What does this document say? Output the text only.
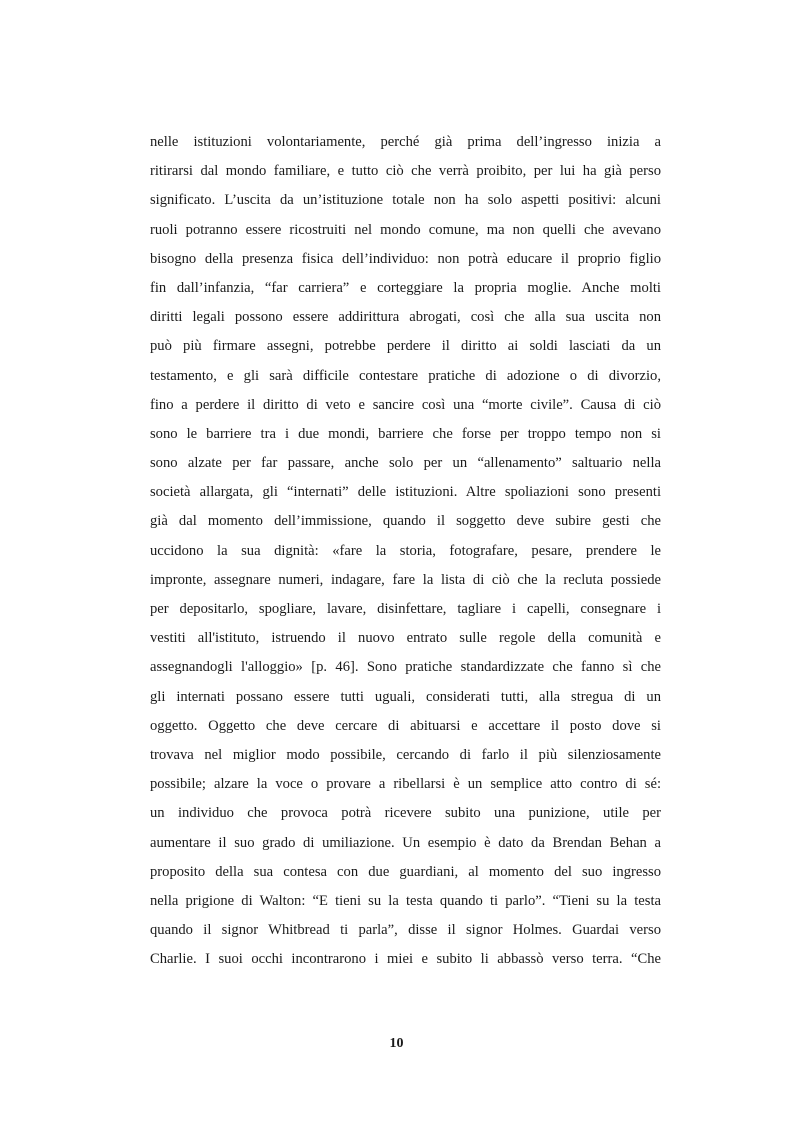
nelle istituzioni volontariamente, perché già prima dell’ingresso inizia a
ritirarsi dal mondo familiare, e tutto ciò che verrà proibito, per lui ha già perso
significato. L’uscita da un’istituzione totale non ha solo aspetti positivi: alcuni
ruoli potranno essere ricostruiti nel mondo comune, ma non quelli che avevano
bisogno della presenza fisica dell’individuo: non potrà educare il proprio figlio
fin dall’infanzia, “far carriera” e corteggiare la propria moglie. Anche molti
diritti legali possono essere addirittura abrogati, così che alla sua uscita non
può più firmare assegni, potrebbe perdere il diritto ai soldi lasciati da un
testamento, e gli sarà difficile contestare pratiche di adozione o di divorzio,
fino a perdere il diritto di veto e sancire così una “morte civile”. Causa di ciò
sono le barriere tra i due mondi, barriere che forse per troppo tempo non si
sono alzate per far passare, anche solo per un “allenamento” saltuario nella
società allargata, gli “internati” delle istituzioni. Altre spoliazioni sono presenti
già dal momento dell’immissione, quando il soggetto deve subire gesti che
uccidono la sua dignità: «fare la storia, fotografare, pesare, prendere le
impronte, assegnare numeri, indagare, fare la lista di ciò che la recluta possiede
per depositarlo, spogliare, lavare, disinfettare, tagliare i capelli, consegnare i
vestiti all'istituto, istruendo il nuovo entrato sulle regole della comunità e
assegnandogli l'alloggio» [p. 46]. Sono pratiche standardizzate che fanno sì che
gli internati possano essere tutti uguali, considerati tutti, alla stregua di un
oggetto. Oggetto che deve cercare di abituarsi e accettare il posto dove si
trovava nel miglior modo possibile, cercando di farlo il più silenziosamente
possibile; alzare la voce o provare a ribellarsi è un semplice atto contro di sé:
un individuo che provoca potrà ricevere subito una punizione, utile per
aumentare il suo grado di umiliazione. Un esempio è dato da Brendan Behan a
proposito della sua contesa con due guardiani, al momento del suo ingresso
nella prigione di Walton: “E tieni su la testa quando ti parlo”. “Tieni su la testa
quando il signor Whitbread ti parla”, disse il signor Holmes. Guardai verso
Charlie. I suoi occhi incontrarono i miei e subito li abbassò verso terra. “Che
10
